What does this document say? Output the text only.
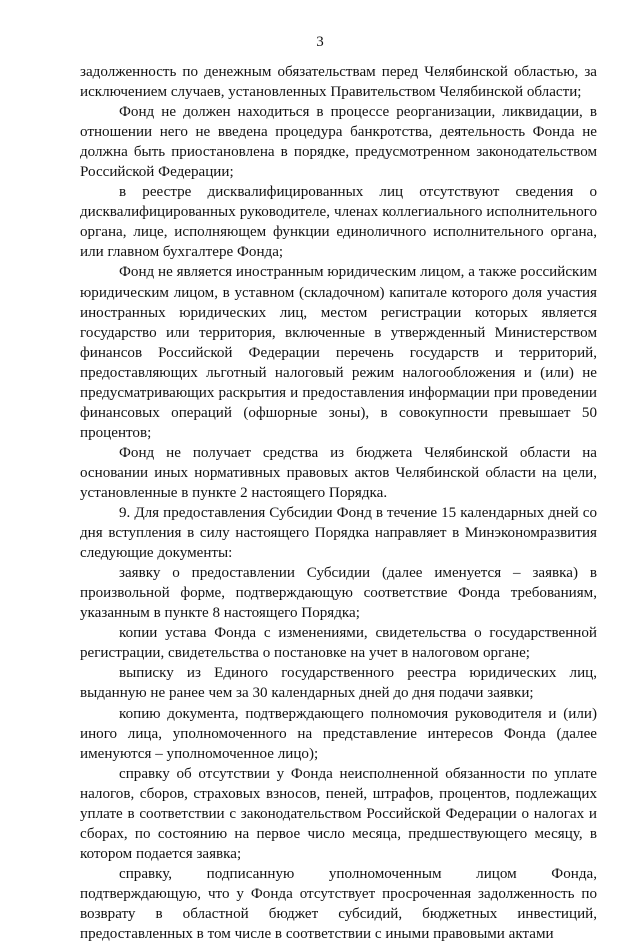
3

задолженность по денежным обязательствам перед Челябинской областью, за исключением случаев, установленных Правительством Челябинской области;

Фонд не должен находиться в процессе реорганизации, ликвидации, в отношении него не введена процедура банкротства, деятельность Фонда не должна быть приостановлена в порядке, предусмотренном законодательством Российской Федерации;

в реестре дисквалифицированных лиц отсутствуют сведения о дисквалифицированных руководителе, членах коллегиального исполнительного органа, лице, исполняющем функции единоличного исполнительного органа, или главном бухгалтере Фонда;

Фонд не является иностранным юридическим лицом, а также российским юридическим лицом, в уставном (складочном) капитале которого доля участия иностранных юридических лиц, местом регистрации которых является государство или территория, включенные в утвержденный Министерством финансов Российской Федерации перечень государств и территорий, предоставляющих льготный налоговый режим налогообложения и (или) не предусматривающих раскрытия и предоставления информации при проведении финансовых операций (офшорные зоны), в совокупности превышает 50 процентов;

Фонд не получает средства из бюджета Челябинской области на основании иных нормативных правовых актов Челябинской области на цели, установленные в пункте 2 настоящего Порядка.

9. Для предоставления Субсидии Фонд в течение 15 календарных дней со дня вступления в силу настоящего Порядка направляет в Минэкономразвития следующие документы:

заявку о предоставлении Субсидии (далее именуется – заявка) в произвольной форме, подтверждающую соответствие Фонда требованиям, указанным в пункте 8 настоящего Порядка;

копии устава Фонда с изменениями, свидетельства о государственной регистрации, свидетельства о постановке на учет в налоговом органе;

выписку из Единого государственного реестра юридических лиц, выданную не ранее чем за 30 календарных дней до дня подачи заявки;

копию документа, подтверждающего полномочия руководителя и (или) иного лица, уполномоченного на представление интересов Фонда (далее именуются – уполномоченное лицо);

справку об отсутствии у Фонда неисполненной обязанности по уплате налогов, сборов, страховых взносов, пеней, штрафов, процентов, подлежащих уплате в соответствии с законодательством Российской Федерации о налогах и сборах, по состоянию на первое число месяца, предшествующего месяцу, в котором подается заявка;

справку, подписанную уполномоченным лицом Фонда, подтверждающую, что у Фонда отсутствует просроченная задолженность по возврату в областной бюджет субсидий, бюджетных инвестиций, предоставленных в том числе в соответствии с иными правовыми актами
